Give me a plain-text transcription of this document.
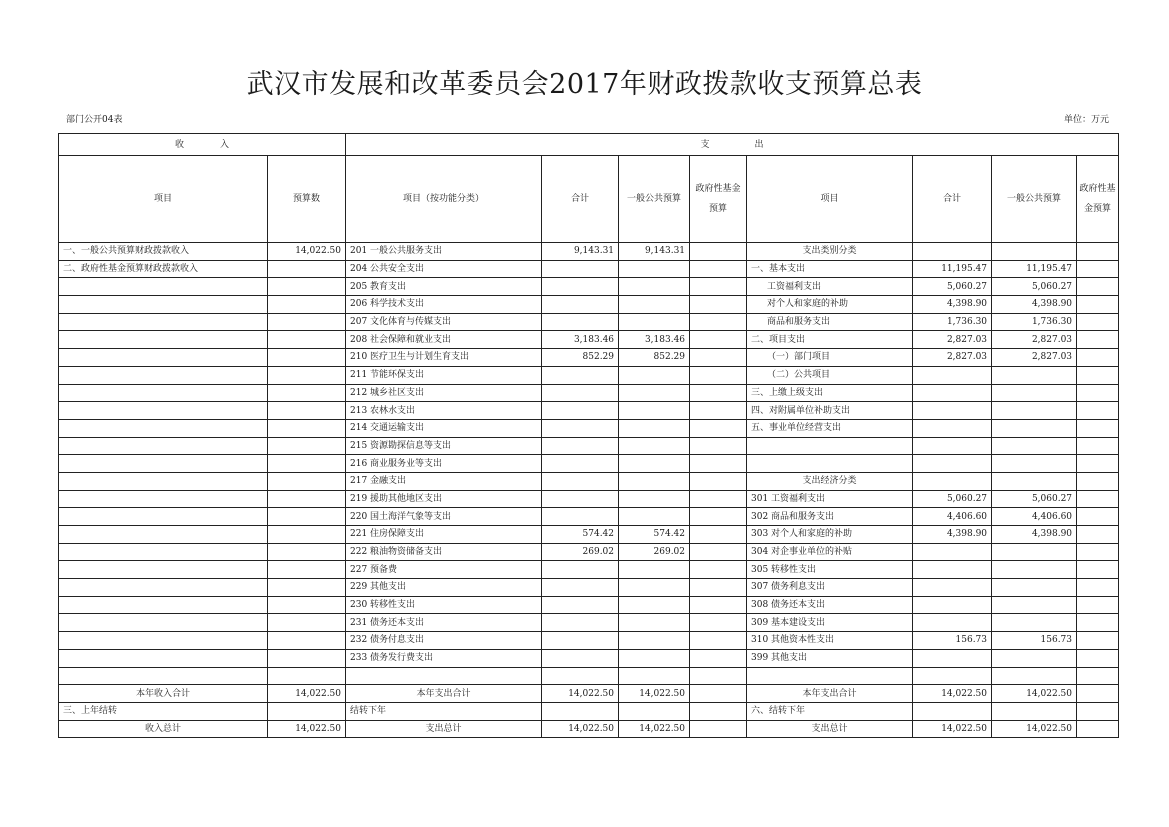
武汉市发展和改革委员会2017年财政拨款收支预算总表
部门公开04表	单位：万元
收　　　　入		支　　　　　出							
项目	预算数	项目（按功能分类）	合计	一般公共预算	政府性基金预算	项目	合计	一般公共预算	政府性基金预算
一、一般公共预算财政拨款收入	14,022.50	201 一般公共服务支出	9,143.31	9,143.31		支出类别分类			
二、政府性基金预算财政拨款收入		204 公共安全支出				一、基本支出	11,195.47	11,195.47	
		205 教育支出				工资福利支出	5,060.27	5,060.27	
		206 科学技术支出				对个人和家庭的补助	4,398.90	4,398.90	
		207 文化体育与传媒支出				商品和服务支出	1,736.30	1,736.30	
		208 社会保障和就业支出	3,183.46	3,183.46		二、项目支出	2,827.03	2,827.03	
		210 医疗卫生与计划生育支出	852.29	852.29		（一）部门项目	2,827.03	2,827.03	
		211 节能环保支出				（二）公共项目			
		212 城乡社区支出				三、上缴上级支出			
		213 农林水支出				四、对附属单位补助支出			
		214 交通运输支出				五、事业单位经营支出			
		215 资源勘探信息等支出							
		216 商业服务业等支出							
		217 金融支出				支出经济分类			
		219 援助其他地区支出				301 工资福利支出	5,060.27	5,060.27	
		220 国土海洋气象等支出				302 商品和服务支出	4,406.60	4,406.60	
		221 住房保障支出	574.42	574.42		303 对个人和家庭的补助	4,398.90	4,398.90	
		222 粮油物资储备支出	269.02	269.02		304 对企事业单位的补贴			
		227 预备费				305 转移性支出			
		229 其他支出				307 债务利息支出			
		230 转移性支出				308 债务还本支出			
		231 债务还本支出				309 基本建设支出			
		232 债务付息支出				310 其他资本性支出	156.73	156.73	
		233 债务发行费支出				399 其他支出			

本年收入合计	14,022.50	本年支出合计	14,022.50	14,022.50		本年支出合计	14,022.50	14,022.50	
三、上年结转		结转下年				六、结转下年			
收入总计	14,022.50	支出总计	14,022.50	14,022.50		支出总计	14,022.50	14,022.50	
